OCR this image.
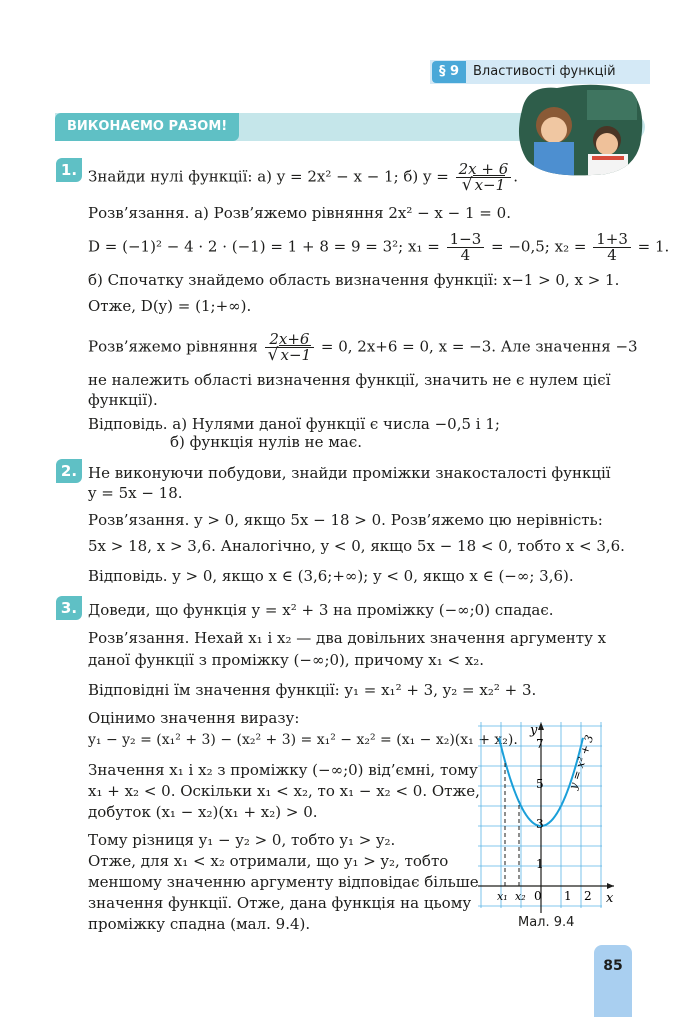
§ 9	Властивості функцій
ВИКОНАЄМО РАЗОМ!
1. Знайди нулі функції: а) y = 2x² − x − 1; б) $y = \frac{2x + 6}{√ x-1}$ .
Розв’язання. а) Розв’яжемо рівняння 2x² − x − 1 = 0.
D = (−1)² − 4 · 2 · (−1) = 1 + 8 = 9 = 3²; $x_1 = \frac{1-3}{4} = -0,5$; $x_2 = \frac{1+3}{4} = 1$.
б) Спочатку знайдемо область визначення функції: x−1 > 0, x > 1.
Отже, D(y) = (1;+∞).
Розв’яжемо рівняння $\frac{2x+6}{√ x-1} = 0$, 2x+6 = 0, x = −3. Але значення −3
не належить області визначення функції, значить не є нулем цієї
функції).
Відповідь. а) Нулями даної функції є числа −0,5 і 1;
б) функція нулів не має.
2. Не виконуючи побудови, знайди проміжки знакосталості функції
y = 5x − 18.
Розв’язання. y > 0, якщо 5x − 18 > 0. Розв’яжемо цю нерівність:
5x > 18, x > 3,6. Аналогічно, y < 0, якщо 5x − 18 < 0, тобто x < 3,6.
Відповідь. y > 0, якщо x ∈ (3,6;+∞); y < 0, якщо x ∈ (−∞; 3,6).
3. Доведи, що функція y = x² + 3 на проміжку (−∞;0) спадає.
Розв’язання. Нехай x₁ і x₂ — два довільних значення аргументу x
даної функції з проміжку (−∞;0), причому x₁ < x₂.
Відповідні їм значення функції: y₁ = x₁² + 3, y₂ = x₂² + 3.
Оцінимо значення виразу:
y₁ − y₂ = (x₁² + 3) − (x₂² + 3) = x₁² − x₂² = (x₁ − x₂)(x₁ + x₂).
Значення x₁ і x₂ з проміжку (−∞;0) від’ємні, тому
x₁ + x₂ < 0. Оскільки x₁ < x₂, то x₁ − x₂ < 0. Отже,
добуток (x₁ − x₂)(x₁ + x₂) > 0.
Тому різниця y₁ − y₂ > 0, тобто y₁ > y₂.
Отже, для x₁ < x₂ отримали, що y₁ > y₂, тобто
меншому значенню аргументу відповідає більше
значення функції. Отже, дана функція на цьому
проміжку спадна (мал. 9.4).
y
x
0
7
5
3
1
1 2
x₁ x₂
y = x² + 3
Мал. 9.4
85
